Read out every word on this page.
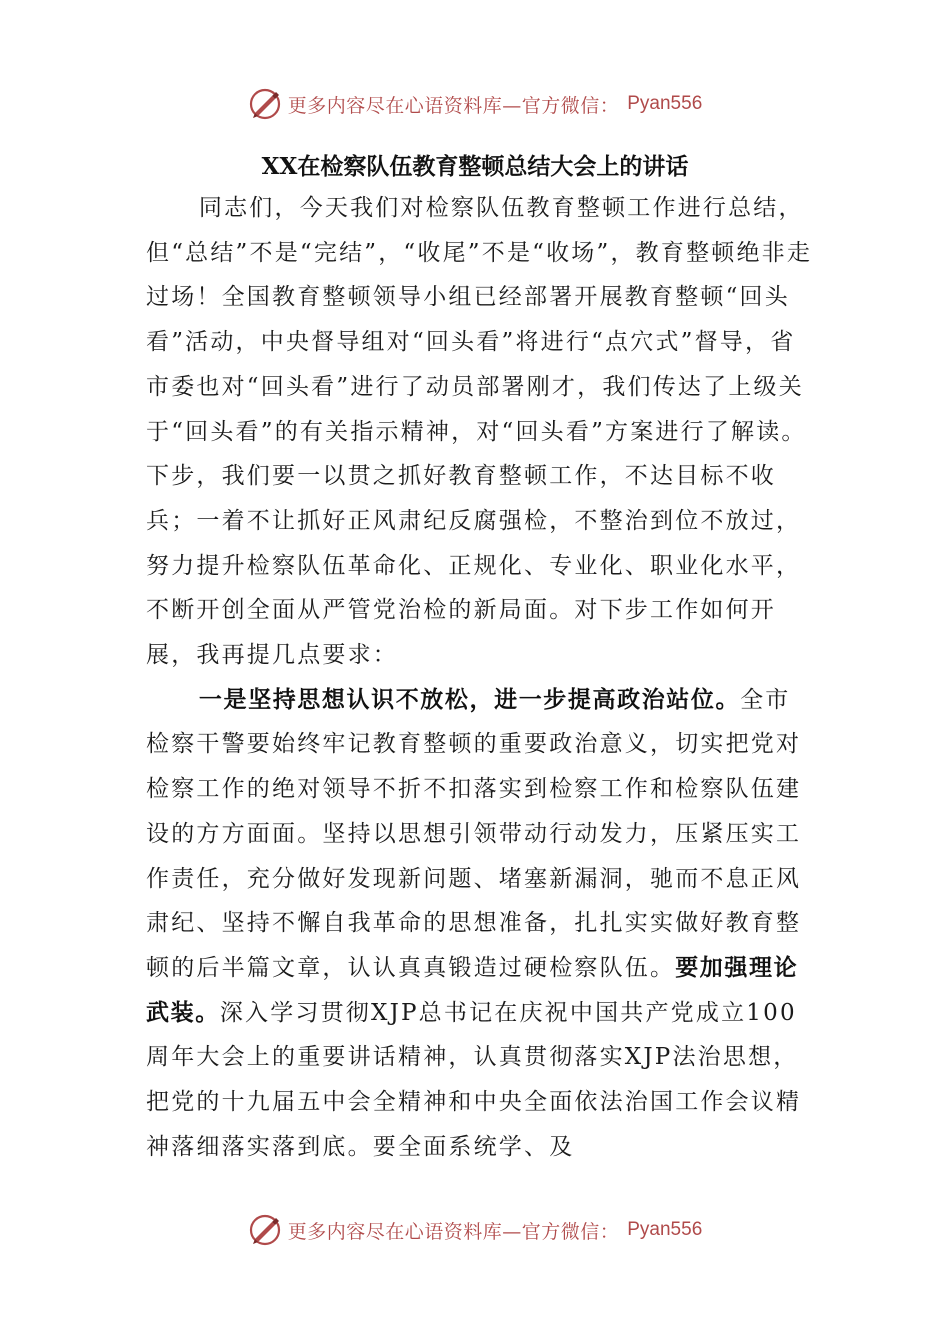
更多内容尽在心语资料库—官方微信： Pyan556
XX在检察队伍教育整顿总结大会上的讲话

同志们，今天我们对检察队伍教育整顿工作进行总结，但“总结”不是“完结”，“收尾”不是“收场”，教育整顿绝非走过场！全国教育整顿领导小组已经部署开展教育整顿“回头看”活动，中央督导组对“回头看”将进行“点穴式”督导，省市委也对“回头看”进行了动员部署刚才，我们传达了上级关于“回头看”的有关指示精神，对“回头看”方案进行了解读。下步，我们要一以贯之抓好教育整顿工作，不达目标不收兵；一着不让抓好正风肃纪反腐强检，不整治到位不放过，努力提升检察队伍革命化、正规化、专业化、职业化水平，不断开创全面从严管党治检的新局面。对下步工作如何开展，我再提几点要求：

一是坚持思想认识不放松，进一步提高政治站位。全市检察干警要始终牢记教育整顿的重要政治意义，切实把党对检察工作的绝对领导不折不扣落实到检察工作和检察队伍建设的方方面面。坚持以思想引领带动行动发力，压紧压实工作责任，充分做好发现新问题、堵塞新漏洞，驰而不息正风肃纪、坚持不懈自我革命的思想准备，扎扎实实做好教育整顿的后半篇文章，认认真真锻造过硬检察队伍。要加强理论武装。深入学习贯彻XJP总书记在庆祝中国共产党成立100周年大会上的重要讲话精神，认真贯彻落实XJP法治思想，把党的十九届五中会全精神和中央全面依法治国工作会议精神落细落实落到底。要全面系统学、及

更多内容尽在心语资料库—官方微信： Pyan556
